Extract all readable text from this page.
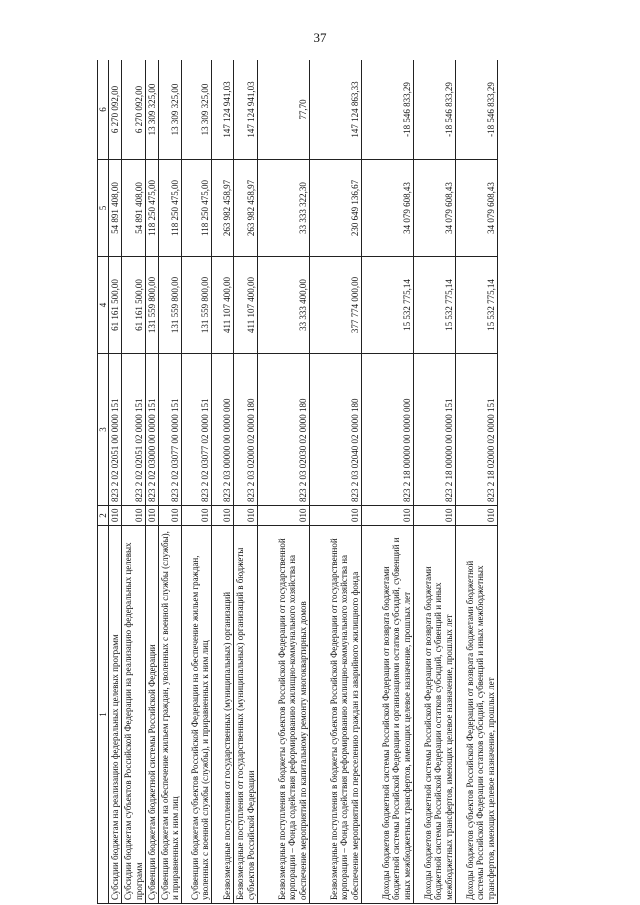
37
1	2	3	4	5	6
Субсидии бюджетам на реализацию федеральных целевых программ	010	823 2 02 02051 00 0000 151	61 161 500,00	54 891 408,00	6 270 092,00
Субсидии бюджетам субъектов Российской Федерации на реализацию федеральных целевых программ	010	823 2 02 02051 02 0000 151	61 161 500,00	54 891 408,00	6 270 092,00
Субвенции бюджетам бюджетной системы Российской Федерации	010	823 2 02 03000 00 0000 151	131 559 800,00	118 250 475,00	13 309 325,00
Субвенции бюджетам на обеспечение жильем граждан, уволенных с военной службы (службы), и приравненных к ним лиц	010	823 2 02 03077 00 0000 151	131 559 800,00	118 250 475,00	13 309 325,00
Субвенции бюджетам субъектов Российской Федерации на обеспечение жильем граждан, уволенных с военной службы (службы), и приравненных к ним лиц	010	823 2 02 03077 02 0000 151	131 559 800,00	118 250 475,00	13 309 325,00
Безвозмездные поступления от государственных (муниципальных) организаций	010	823 2 03 00000 00 0000 000	411 107 400,00	263 982 458,97	147 124 941,03
Безвозмездные поступления от государственных (муниципальных) организаций в бюджеты субъектов Российской Федерации	010	823 2 03 02000 02 0000 180	411 107 400,00	263 982 458,97	147 124 941,03
Безвозмездные поступления в бюджеты субъектов Российской Федерации от государственной корпорации – Фонда содействия реформированию жилищно-коммунального хозяйства на обеспечение мероприятий по капитальному ремонту многоквартирных домов	010	823 2 03 02030 02 0000 180	33 333 400,00	33 333 322,30	77,70
Безвозмездные поступления в бюджеты субъектов Российской Федерации от государственной корпорации – Фонда содействия реформированию жилищно-коммунального хозяйства на обеспечение мероприятий по переселению граждан из аварийного жилищного фонда	010	823 2 03 02040 02 0000 180	377 774 000,00	230 649 136,67	147 124 863,33
Доходы бюджетов бюджетной системы Российской Федерации от возврата бюджетами бюджетной системы Российской Федерации и организациями остатков субсидий, субвенций и иных межбюджетных трансфертов, имеющих целевое назначение, прошлых лет	010	823 2 18 00000 00 0000 000	15 532 775,14	34 079 608,43	-18 546 833,29
Доходы бюджетов бюджетной системы Российской Федерации от возврата бюджетами бюджетной системы Российской Федерации остатков субсидий, субвенций и иных межбюджетных трансфертов, имеющих целевое назначение, прошлых лет	010	823 2 18 00000 00 0000 151	15 532 775,14	34 079 608,43	-18 546 833,29
Доходы бюджетов субъектов Российской Федерации от возврата бюджетами бюджетной системы Российской Федерации остатков субсидий, субвенций и иных межбюджетных трансфертов, имеющих целевое назначение, прошлых лет	010	823 2 18 02000 02 0000 151	15 532 775,14	34 079 608,43	-18 546 833,29
